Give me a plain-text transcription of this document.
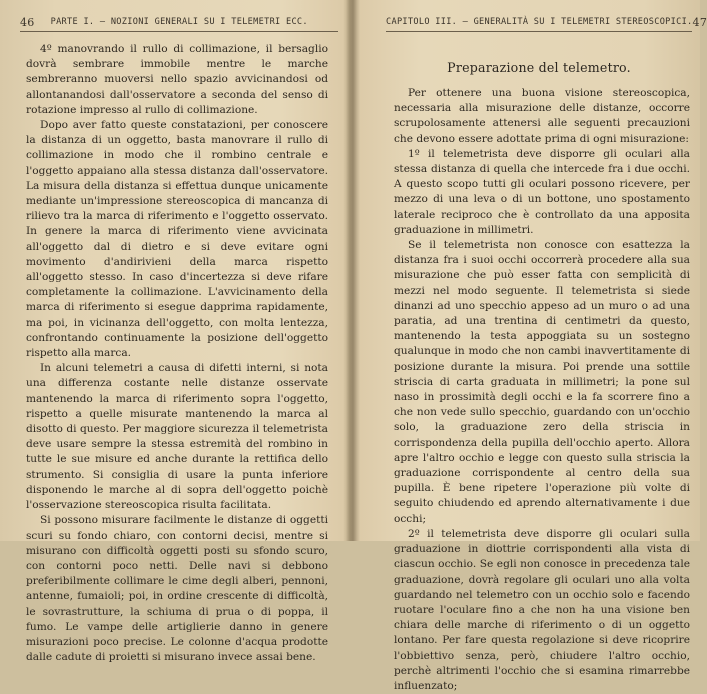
46 PARTE I. – NOZIONI GENERALI SU I TELEMETRI ECC.

4º manovrando il rullo di collimazione, il bersaglio dovrà sembrare immobile mentre le marche sembreranno muoversi nello spazio avvicinandosi od allontanandosi dall'osservatore a seconda del senso di rotazione impresso al rullo di collimazione.

Dopo aver fatto queste constatazioni, per conoscere la distanza di un oggetto, basta manovrare il rullo di collimazione in modo che il rombino centrale e l'oggetto appaiano alla stessa distanza dall'osservatore. La misura della distanza si effettua dunque unicamente mediante un'impressione stereoscopica di mancanza di rilievo tra la marca di riferimento e l'oggetto osservato. In genere la marca di riferimento viene avvicinata all'oggetto dal di dietro e si deve evitare ogni movimento d'andirivieni della marca rispetto all'oggetto stesso. In caso d'incertezza si deve rifare completamente la collimazione. L'avvicinamento della marca di riferimento si esegue dapprima rapidamente, ma poi, in vicinanza dell'oggetto, con molta lentezza, confrontando continuamente la posizione dell'oggetto rispetto alla marca.

In alcuni telemetri a causa di difetti interni, si nota una differenza costante nelle distanze osservate mantenendo la marca di riferimento sopra l'oggetto, rispetto a quelle misurate mantenendo la marca al disotto di questo. Per maggiore sicurezza il telemetrista deve usare sempre la stessa estremità del rombino in tutte le sue misure ed anche durante la rettifica dello strumento. Si consiglia di usare la punta inferiore disponendo le marche al di sopra dell'oggetto poichè l'osservazione stereoscopica risulta facilitata.

Si possono misurare facilmente le distanze di oggetti scuri su fondo chiaro, con contorni decisi, mentre si misurano con difficoltà oggetti posti su sfondo scuro, con contorni poco netti. Delle navi si debbono preferibilmente collimare le cime degli alberi, pennoni, antenne, fumaioli; poi, in ordine crescente di difficoltà, le sovrastrutture, la schiuma di prua o di poppa, il fumo. Le vampe delle artiglierie danno in genere misurazioni poco precise. Le colonne d'acqua prodotte dalle cadute di proietti si misurano invece assai bene.

CAPITOLO III. – GENERALITÀ SU I TELEMETRI STEREOSCOPICI. 47
Preparazione del telemetro.

Per ottenere una buona visione stereoscopica, necessaria alla misurazione delle distanze, occorre scrupolosamente attenersi alle seguenti precauzioni che devono essere adottate prima di ogni misurazione:

1º il telemetrista deve disporre gli oculari alla stessa distanza di quella che intercede fra i due occhi. A questo scopo tutti gli oculari possono ricevere, per mezzo di una leva o di un bottone, uno spostamento laterale reciproco che è controllato da una apposita graduazione in millimetri.

Se il telemetrista non conosce con esattezza la distanza fra i suoi occhi occorrerà procedere alla sua misurazione che può esser fatta con semplicità di mezzi nel modo seguente. Il telemetrista si siede dinanzi ad uno specchio appeso ad un muro o ad una paratia, ad una trentina di centimetri da questo, mantenendo la testa appoggiata su un sostegno qualunque in modo che non cambi inavvertitamente di posizione durante la misura. Poi prende una sottile striscia di carta graduata in millimetri; la pone sul naso in prossimità degli occhi e la fa scorrere fino a che non vede sullo specchio, guardando con un'occhio solo, la graduazione zero della striscia in corrispondenza della pupilla dell'occhio aperto. Allora apre l'altro occhio e legge con questo sulla striscia la graduazione corrispondente al centro della sua pupilla. È bene ripetere l'operazione più volte di seguito chiudendo ed aprendo alternativamente i due occhi;

2º il telemetrista deve disporre gli oculari sulla graduazione in diottrie corrispondenti alla vista di ciascun occhio. Se egli non conosce in precedenza tale graduazione, dovrà regolare gli oculari uno alla volta guardando nel telemetro con un occhio solo e facendo ruotare l'oculare fino a che non ha una visione ben chiara delle marche di riferimento o di un oggetto lontano. Per fare questa regolazione si deve ricoprire l'obbiettivo senza, però, chiudere l'altro occhio, perchè altrimenti l'occhio che si esamina rimarrebbe influenzato;
